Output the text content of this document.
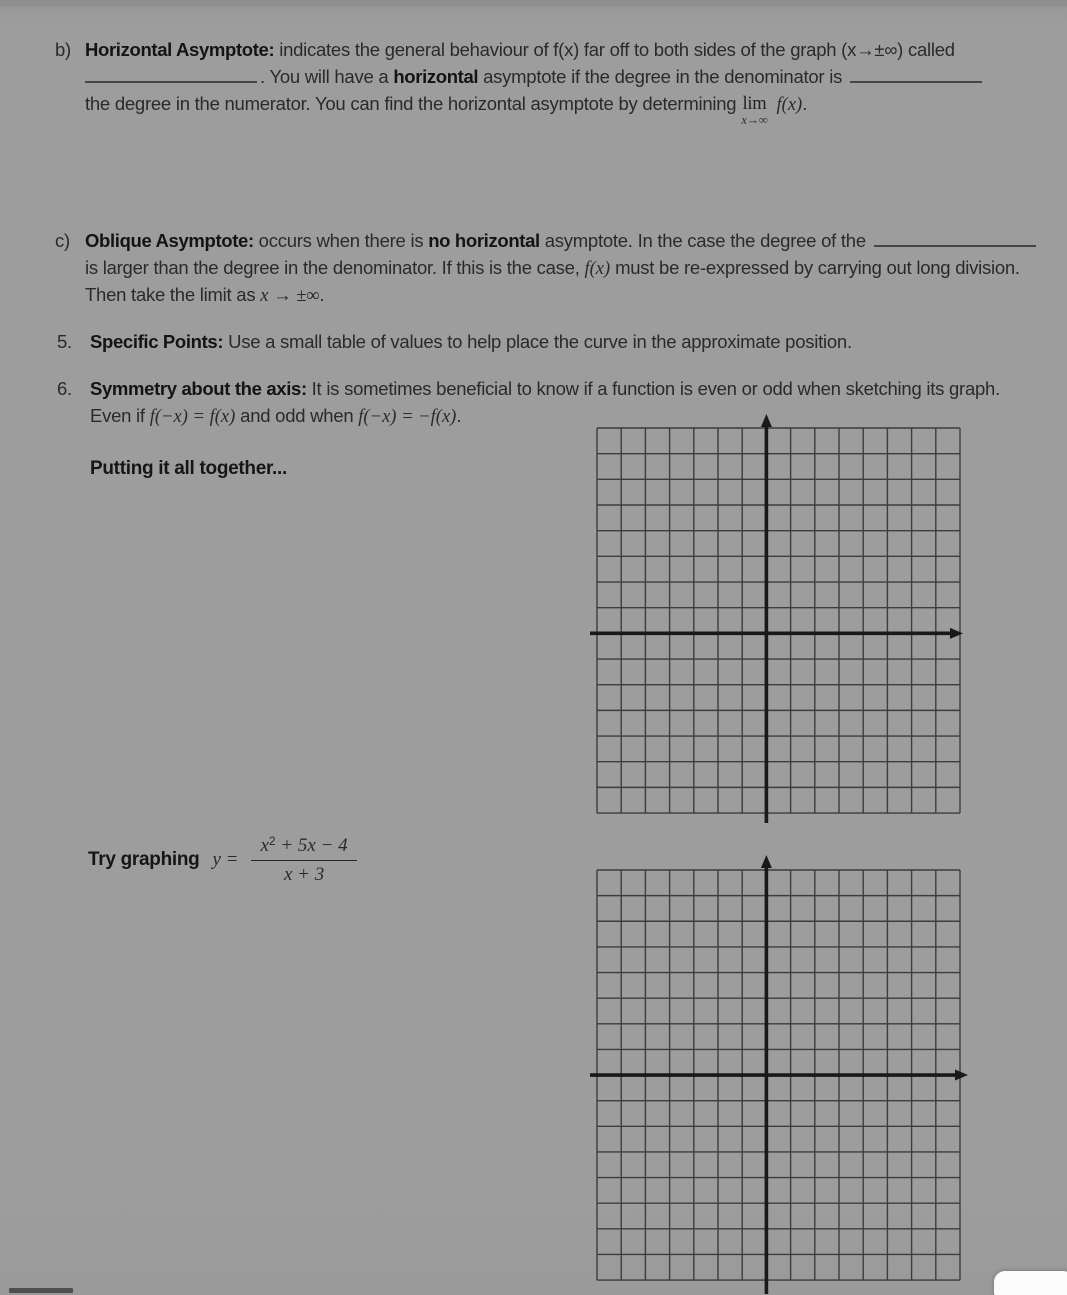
b) Horizontal Asymptote: indicates the general behaviour of f(x) far off to both sides of the graph (x→±∞) called
. You will have a horizontal asymptote if the degree in the denominator is
the degree in the numerator. You can find the horizontal asymptote by determining lim
x→∞
f(x).
c) Oblique Asymptote: occurs when there is no horizontal asymptote. In the case the degree of the
is larger than the degree in the denominator. If this is the case, f(x) must be re-expressed by carrying out long division.
Then take the limit as x → ±∞.
5. Specific Points: Use a small table of values to help place the curve in the approximate position.
6. Symmetry about the axis: It is sometimes beneficial to know if a function is even or odd when sketching its graph.
Even if f(−x) = f(x) and odd when f(−x) = −f(x).
Putting it all together...
Try graphing $y = \frac{x^2 + 5x - 4}{x + 3}$
